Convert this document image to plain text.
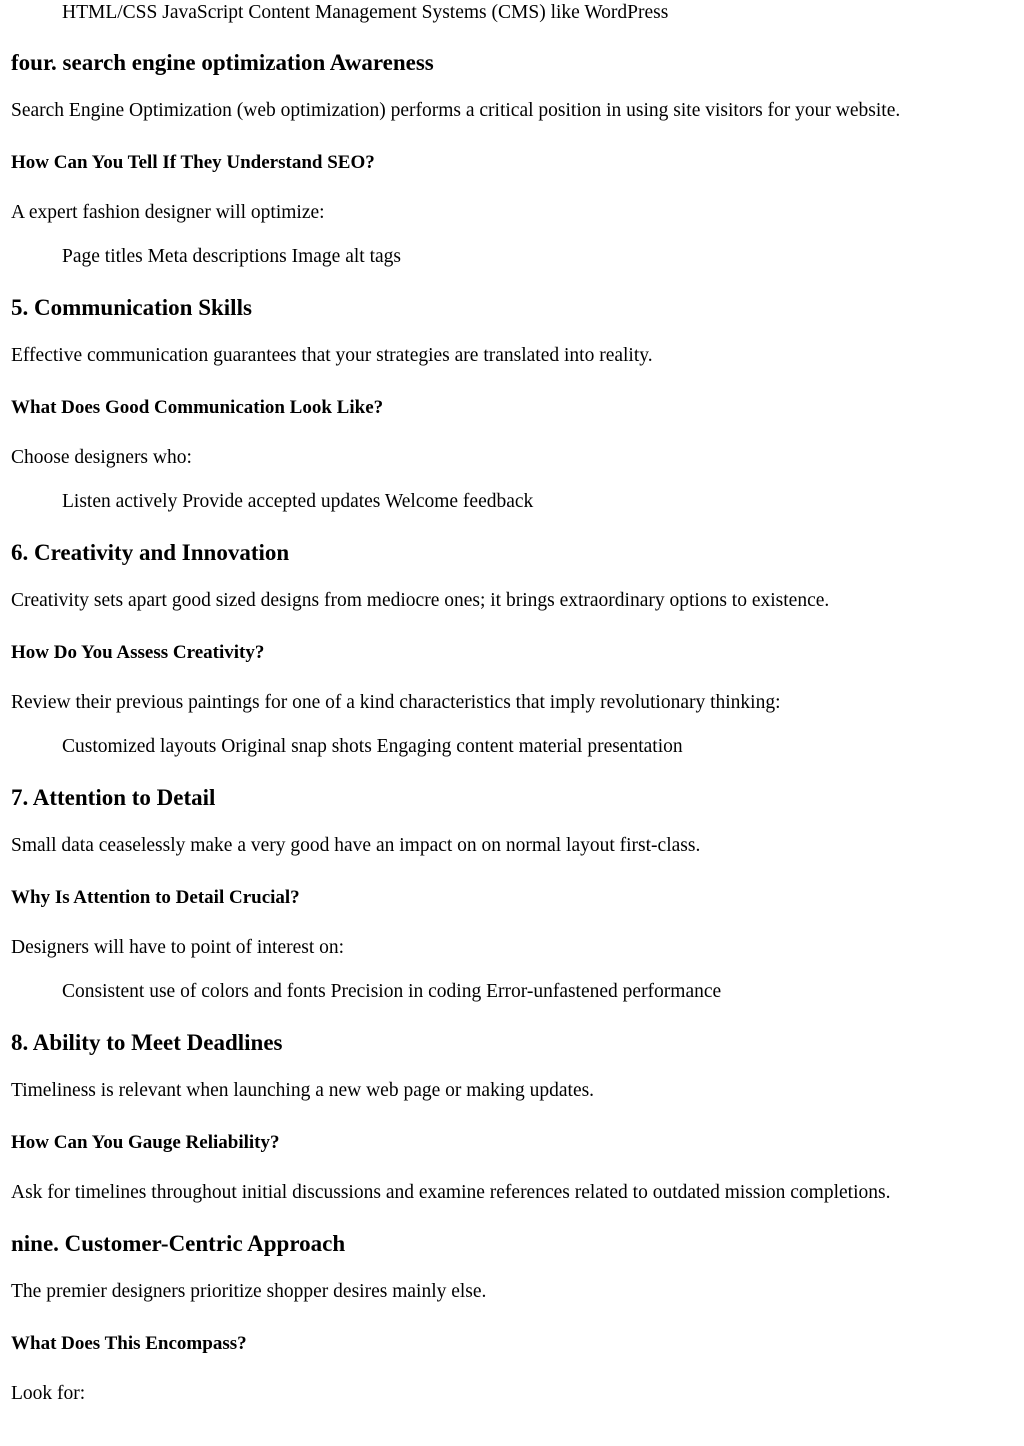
HTML/CSS JavaScript Content Management Systems (CMS) like WordPress
four. search engine optimization Awareness
Search Engine Optimization (web optimization) performs a critical position in using site visitors for your website.
How Can You Tell If They Understand SEO?
A expert fashion designer will optimize:
Page titles Meta descriptions Image alt tags
5. Communication Skills
Effective communication guarantees that your strategies are translated into reality.
What Does Good Communication Look Like?
Choose designers who:
Listen actively Provide accepted updates Welcome feedback
6. Creativity and Innovation
Creativity sets apart good sized designs from mediocre ones; it brings extraordinary options to existence.
How Do You Assess Creativity?
Review their previous paintings for one of a kind characteristics that imply revolutionary thinking:
Customized layouts Original snap shots Engaging content material presentation
7. Attention to Detail
Small data ceaselessly make a very good have an impact on on normal layout first-class.
Why Is Attention to Detail Crucial?
Designers will have to point of interest on:
Consistent use of colors and fonts Precision in coding Error-unfastened performance
8. Ability to Meet Deadlines
Timeliness is relevant when launching a new web page or making updates.
How Can You Gauge Reliability?
Ask for timelines throughout initial discussions and examine references related to outdated mission completions.
nine. Customer-Centric Approach
The premier designers prioritize shopper desires mainly else.
What Does This Encompass?
Look for:
